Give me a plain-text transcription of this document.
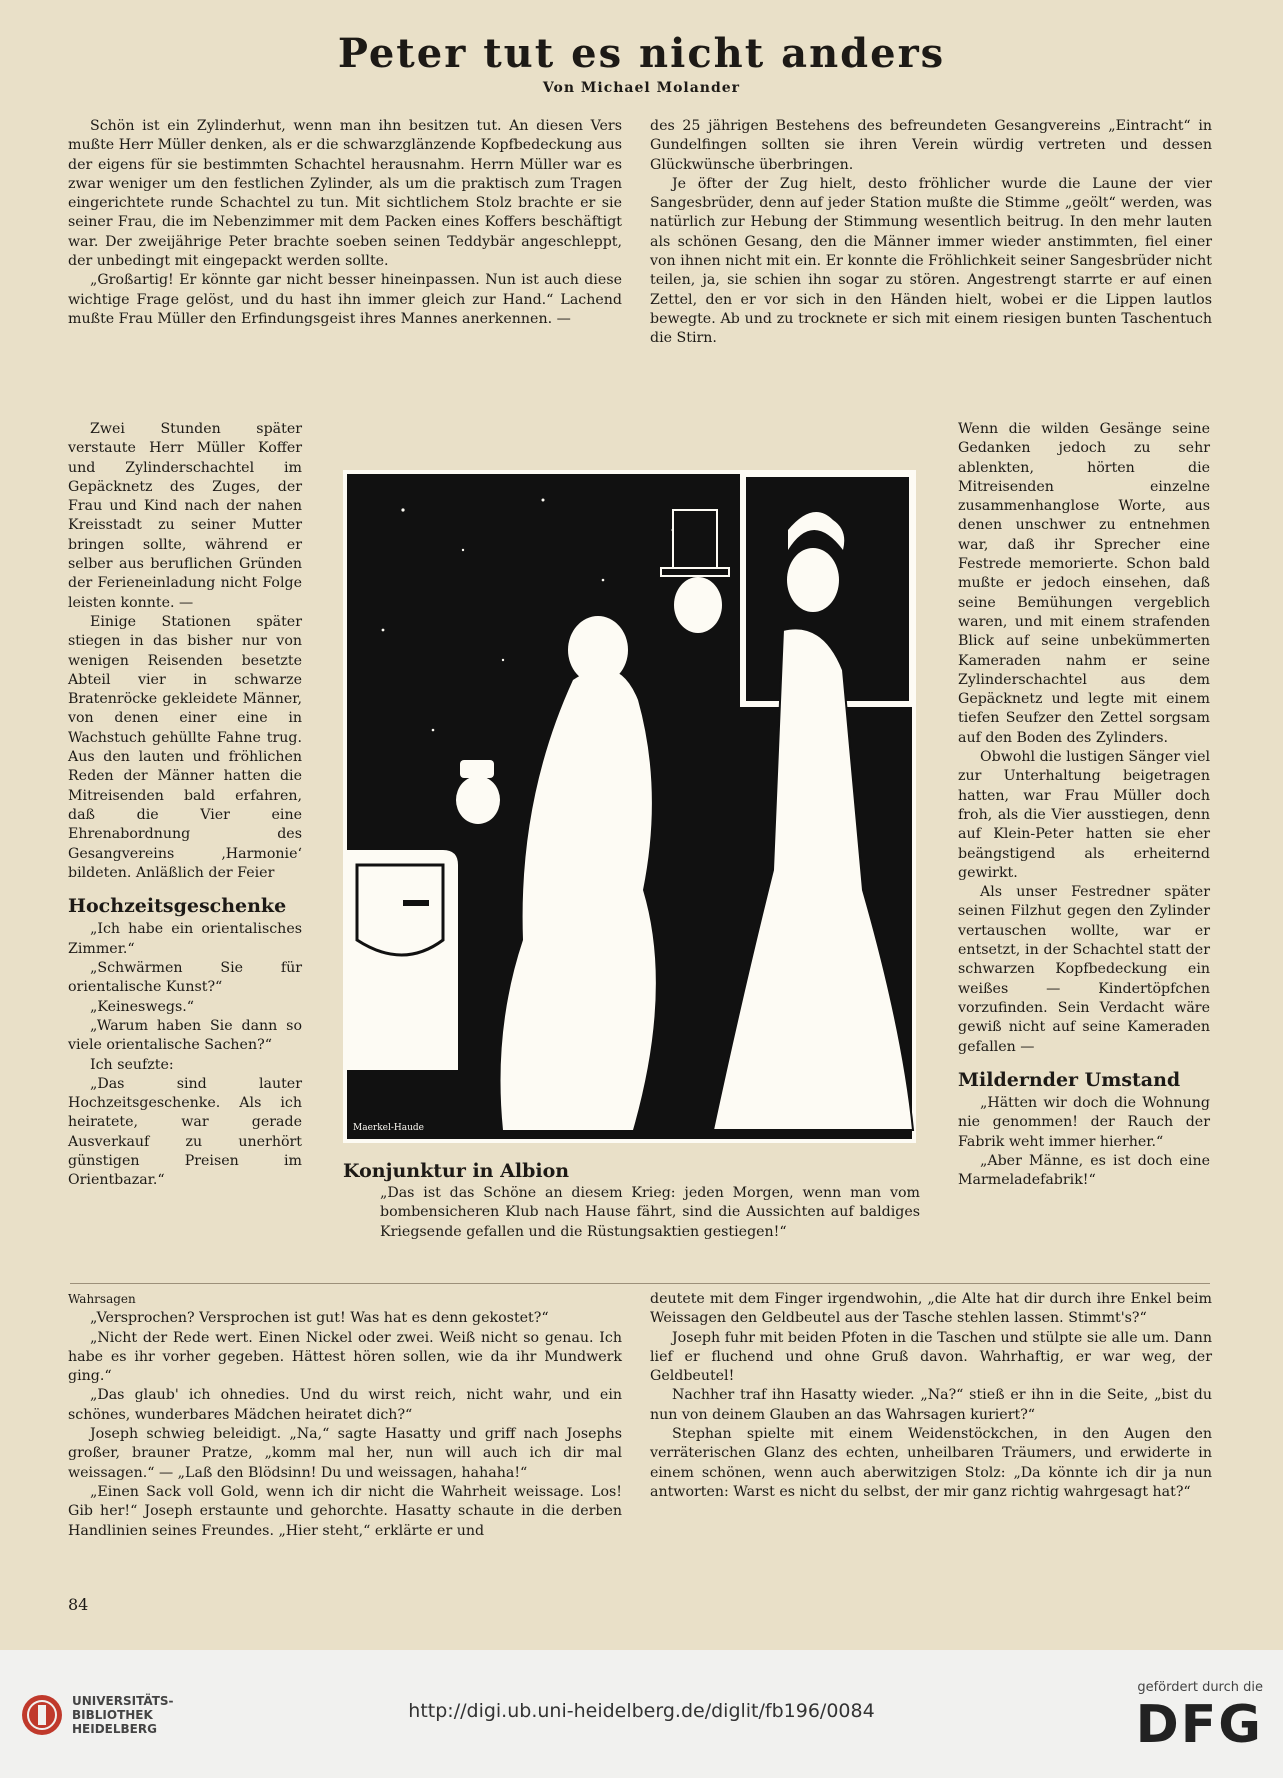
Peter tut es nicht anders
Von Michael Molander

Schön ist ein Zylinderhut, wenn man ihn besitzen tut. An diesen Vers mußte Herr Müller denken, als er die schwarzglänzende Kopfbedeckung aus der eigens für sie bestimmten Schachtel herausnahm. Herrn Müller war es zwar weniger um den festlichen Zylinder, als um die praktisch zum Tragen eingerichtete runde Schachtel zu tun. Mit sichtlichem Stolz brachte er sie seiner Frau, die im Nebenzimmer mit dem Packen eines Koffers beschäftigt war. Der zweijährige Peter brachte soeben seinen Teddybär angeschleppt, der unbedingt mit eingepackt werden sollte.

„Großartig! Er könnte gar nicht besser hineinpassen. Nun ist auch diese wichtige Frage gelöst, und du hast ihn immer gleich zur Hand.“ Lachend mußte Frau Müller den Erfindungsgeist ihres Mannes anerkennen. —

Zwei Stunden später verstaute Herr Müller Koffer und Zylinderschachtel im Gepäcknetz des Zuges, der Frau und Kind nach der nahen Kreisstadt zu seiner Mutter bringen sollte, während er selber aus beruflichen Gründen der Ferieneinladung nicht Folge leisten konnte. —

Einige Stationen später stiegen in das bisher nur von wenigen Reisenden besetzte Abteil vier in schwarze Bratenröcke gekleidete Männer, von denen einer eine in Wachstuch gehüllte Fahne trug. Aus den lauten und fröhlichen Reden der Männer hatten die Mitreisenden bald erfahren, daß die Vier eine Ehrenabordnung des Gesangvereins ‚Harmonie‘ bildeten. Anläßlich der Feier

Hochzeitsgeschenke

„Ich habe ein orientalisches Zimmer.“

„Schwärmen Sie für orientalische Kunst?“

„Keineswegs.“

„Warum haben Sie dann so viele orientalische Sachen?“

Ich seufzte:

„Das sind lauter Hochzeitsgeschenke. Als ich heiratete, war gerade Ausverkauf zu unerhört günstigen Preisen im Orientbazar.“

des 25 jährigen Bestehens des befreundeten Gesangvereins „Eintracht“ in Gundelfingen sollten sie ihren Verein würdig vertreten und dessen Glückwünsche überbringen.

Je öfter der Zug hielt, desto fröhlicher wurde die Laune der vier Sangesbrüder, denn auf jeder Station mußte die Stimme „geölt“ werden, was natürlich zur Hebung der Stimmung wesentlich beitrug. In den mehr lauten als schönen Gesang, den die Männer immer wieder anstimmten, fiel einer von ihnen nicht mit ein. Er konnte die Fröhlichkeit seiner Sangesbrüder nicht teilen, ja, sie schien ihn sogar zu stören. Angestrengt starrte er auf einen Zettel, den er vor sich in den Händen hielt, wobei er die Lippen lautlos bewegte. Ab und zu trocknete er sich mit einem riesigen bunten Taschentuch die Stirn.

Wenn die wilden Gesänge seine Gedanken jedoch zu sehr ablenkten, hörten die Mitreisenden einzelne zusammenhanglose Worte, aus denen unschwer zu entnehmen war, daß ihr Sprecher eine Festrede memorierte. Schon bald mußte er jedoch einsehen, daß seine Bemühungen vergeblich waren, und mit einem strafenden Blick auf seine unbekümmerten Kameraden nahm er seine Zylinderschachtel aus dem Gepäcknetz und legte mit einem tiefen Seufzer den Zettel sorgsam auf den Boden des Zylinders.

Obwohl die lustigen Sänger viel zur Unterhaltung beigetragen hatten, war Frau Müller doch froh, als die Vier ausstiegen, denn auf Klein-Peter hatten sie eher beängstigend als erheiternd gewirkt.

Als unser Festredner später seinen Filzhut gegen den Zylinder vertauschen wollte, war er entsetzt, in der Schachtel statt der schwarzen Kopfbedeckung ein weißes — Kindertöpfchen vorzufinden. Sein Verdacht wäre gewiß nicht auf seine Kameraden gefallen —

Mildernder Umstand

„Hätten wir doch die Wohnung nie genommen! der Rauch der Fabrik weht immer hierher.“

„Aber Männe, es ist doch eine Marmeladefabrik!“

Maerkel-Haude
Konjunktur in Albion
„Das ist das Schöne an diesem Krieg: jeden Morgen, wenn man vom bombensicheren Klub nach Hause fährt, sind die Aussichten auf baldiges Kriegsende gefallen und die Rüstungsaktien gestiegen!“

Wahrsagen

„Versprochen? Versprochen ist gut! Was hat es denn gekostet?“

„Nicht der Rede wert. Einen Nickel oder zwei. Weiß nicht so genau. Ich habe es ihr vorher gegeben. Hättest hören sollen, wie da ihr Mundwerk ging.“

„Das glaub' ich ohnedies. Und du wirst reich, nicht wahr, und ein schönes, wunderbares Mädchen heiratet dich?“

Joseph schwieg beleidigt. „Na,“ sagte Hasatty und griff nach Josephs großer, brauner Pratze, „komm mal her, nun will auch ich dir mal weissagen.“ — „Laß den Blödsinn! Du und weissagen, hahaha!“

„Einen Sack voll Gold, wenn ich dir nicht die Wahrheit weissage. Los! Gib her!“ Joseph erstaunte und gehorchte. Hasatty schaute in die derben Handlinien seines Freundes. „Hier steht,“ erklärte er und

deutete mit dem Finger irgendwohin, „die Alte hat dir durch ihre Enkel beim Weissagen den Geldbeutel aus der Tasche stehlen lassen. Stimmt's?“

Joseph fuhr mit beiden Pfoten in die Taschen und stülpte sie alle um. Dann lief er fluchend und ohne Gruß davon. Wahrhaftig, er war weg, der Geldbeutel!

Nachher traf ihn Hasatty wieder. „Na?“ stieß er ihn in die Seite, „bist du nun von deinem Glauben an das Wahrsagen kuriert?“

Stephan spielte mit einem Weidenstöckchen, in den Augen den verräterischen Glanz des echten, unheilbaren Träumers, und erwiderte in einem schönen, wenn auch aberwitzigen Stolz: „Da könnte ich dir ja nun antworten: Warst es nicht du selbst, der mir ganz richtig wahrgesagt hat?“

84
UNIVERSITÄTS-
BIBLIOTHEK
HEIDELBERG
http://digi.ub.uni-heidelberg.de/diglit/fb196/0084
gefördert durch die
DFG
